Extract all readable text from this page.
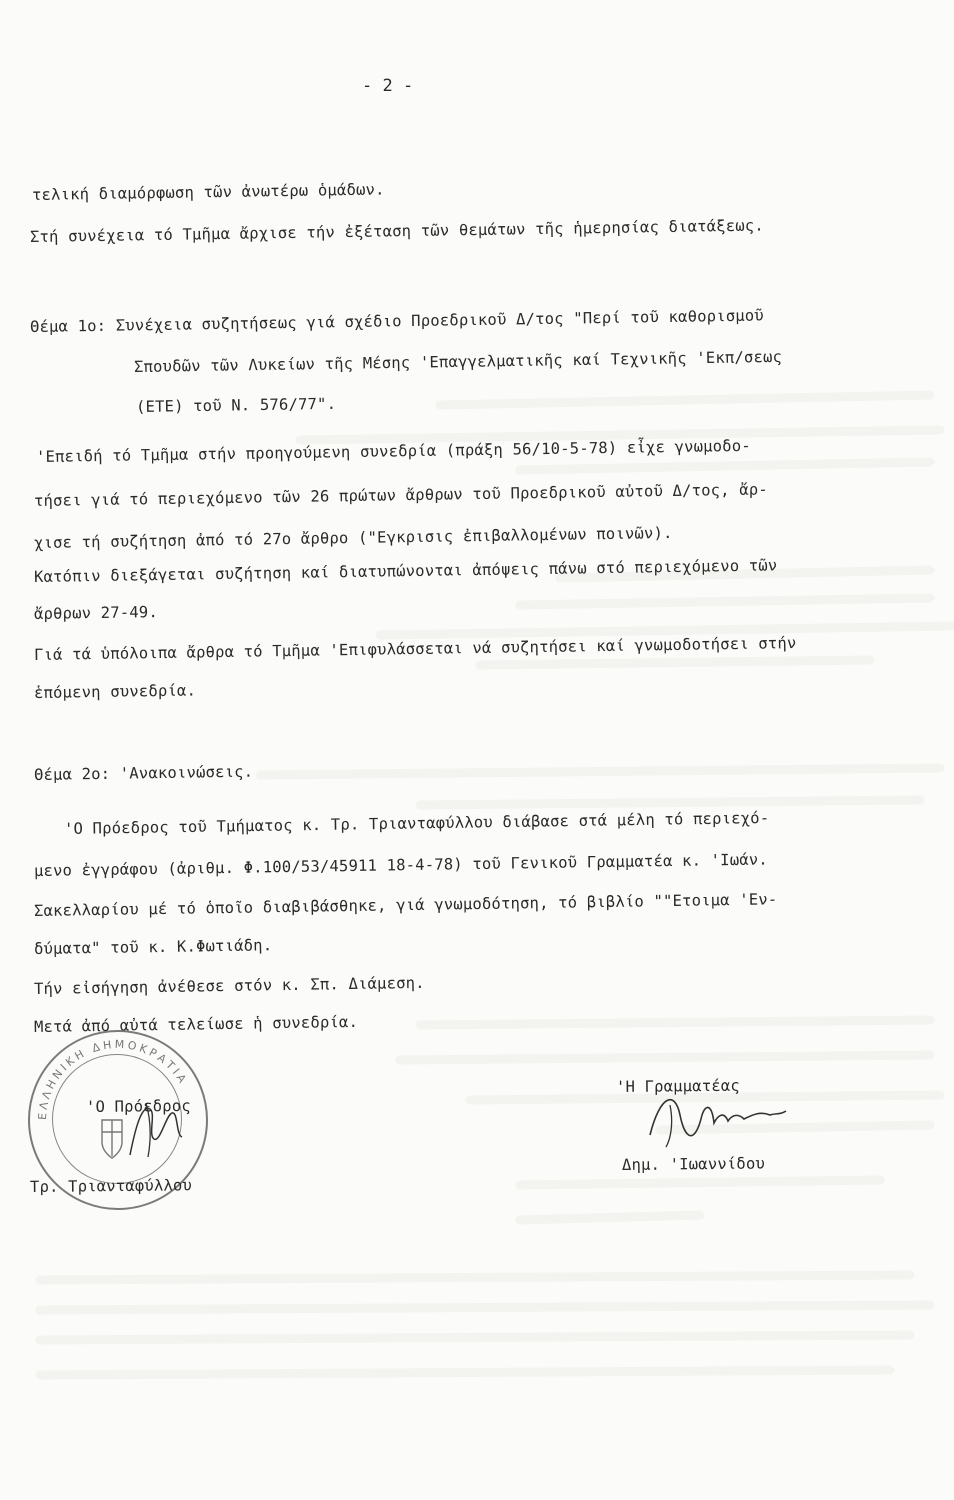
- 2 -
τελική διαμόρφωση τῶν ἀνωτέρω ὁμάδων.
Στή συνέχεια τό Τμῆμα ἄρχισε τήν ἐξέταση τῶν θεμάτων τῆς ἡμερησίας διατάξεως.
Θέμα 1ο: Συνέχεια συζητήσεως γιά σχέδιο Προεδρικοῦ Δ/τος "Περί τοῦ καθορισμοῦ
Σπουδῶν τῶν Λυκείων τῆς Μέσης 'Επαγγελματικῆς καί Τεχνικῆς 'Εκπ/σεως
(ΕΤΕ) τοῦ Ν. 576/77".
'Επειδή τό Τμῆμα στήν προηγούμενη συνεδρία (πράξη 56/10-5-78) εἶχε γνωμοδο-
τήσει γιά τό περιεχόμενο τῶν 26 πρώτων ἄρθρων τοῦ Προεδρικοῦ αὐτοῦ Δ/τος, ἄρ-
χισε τή συζήτηση ἀπό τό 27ο ἄρθρο ("Εγκρισις ἐπιβαλλομένων ποινῶν).
Κατόπιν διεξάγεται συζήτηση καί διατυπώνονται ἀπόψεις πάνω στό περιεχόμενο τῶν
ἄρθρων 27-49.
Γιά τά ὑπόλοιπα ἄρθρα τό Τμῆμα 'Επιφυλάσσεται νά συζητήσει καί γνωμοδοτήσει στήν
ἑπόμενη συνεδρία.
Θέμα 2ο: 'Ανακοινώσεις.
'Ο Πρόεδρος τοῦ Τμήματος κ. Τρ. Τριανταφύλλου διάβασε στά μέλη τό περιεχό-
μενο ἐγγράφου (ἀριθμ. Φ.100/53/45911 18-4-78) τοῦ Γενικοῦ Γραμματέα κ. 'Ιωάν.
Σακελλαρίου μέ τό ὁποῖο διαβιβάσθηκε, γιά γνωμοδότηση, τό βιβλίο ""Ετοιμα 'Εν-
δύματα" τοῦ κ. Κ.Φωτιάδη.
Τήν εἰσήγηση ἀνέθεσε στόν κ. Σπ. Διάμεση.
Μετά ἀπό αὐτά τελείωσε ἡ συνεδρία.
'Η Γραμματέας
Δημ. 'Ιωαννίδου
ΕΛΛΗΝΙΚΗ ΔΗΜΟΚΡΑΤΙΑ
'Ο Πρόεδρος
Τρ. Τριανταφύλλου
